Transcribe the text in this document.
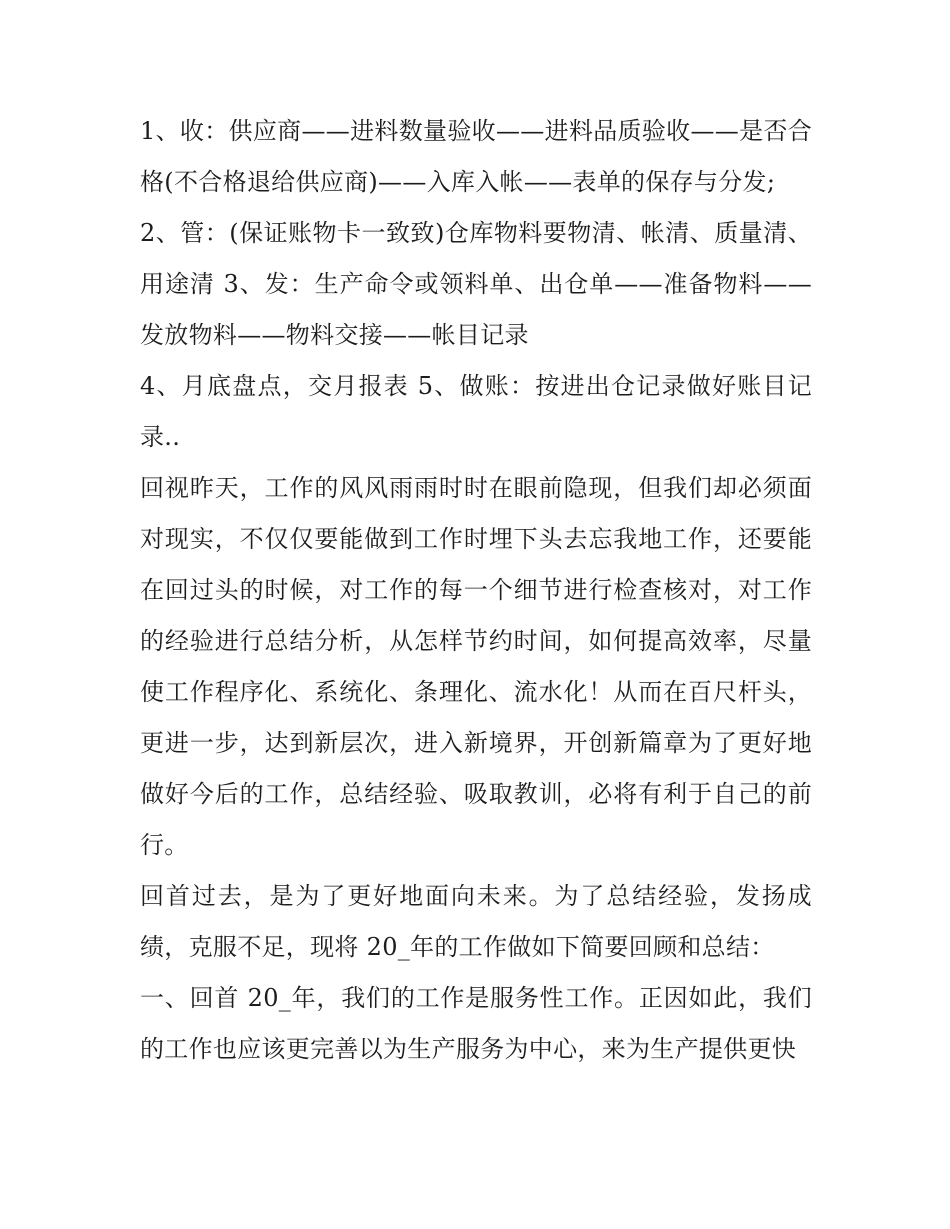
1、收：供应商——进料数量验收——进料品质验收——是否合格(不合格退给供应商)——入库入帐——表单的保存与分发;

2、管：(保证账物卡一致致)仓库物料要物清、帐清、质量清、用途清 3、发：生产命令或领料单、出仓单——准备物料——发放物料——物料交接——帐目记录

4、月底盘点，交月报表 5、做账：按进出仓记录做好账目记录..

回视昨天，工作的风风雨雨时时在眼前隐现，但我们却必须面对现实，不仅仅要能做到工作时埋下头去忘我地工作，还要能在回过头的时候，对工作的每一个细节进行检查核对，对工作的经验进行总结分析，从怎样节约时间，如何提高效率，尽量使工作程序化、系统化、条理化、流水化！从而在百尺杆头，更进一步，达到新层次，进入新境界，开创新篇章为了更好地做好今后的工作，总结经验、吸取教训，必将有利于自己的前行。

回首过去，是为了更好地面向未来。为了总结经验，发扬成绩，克服不足，现将 20_年的工作做如下简要回顾和总结：

一、回首 20_年，我们的工作是服务性工作。正因如此，我们的工作也应该更完善以为生产服务为中心，来为生产提供更快
